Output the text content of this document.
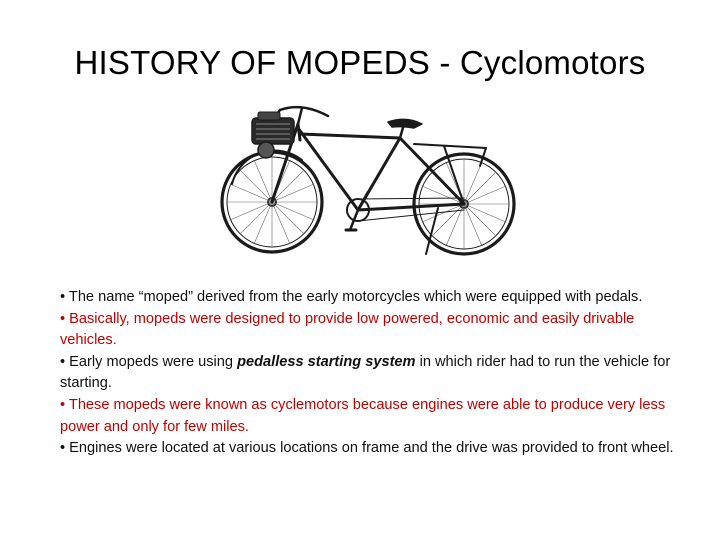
HISTORY OF MOPEDS - Cyclomotors

• The name “moped” derived from the early motorcycles which were equipped with pedals.

• Basically, mopeds were designed to provide low powered, economic and easily drivable vehicles.

• Early mopeds were using pedalless starting system in which rider had to run the vehicle for starting.

• These mopeds were known as cyclemotors because engines were able to produce very less power and only for few miles.

• Engines were located at various locations on frame and the drive was provided to front wheel.
